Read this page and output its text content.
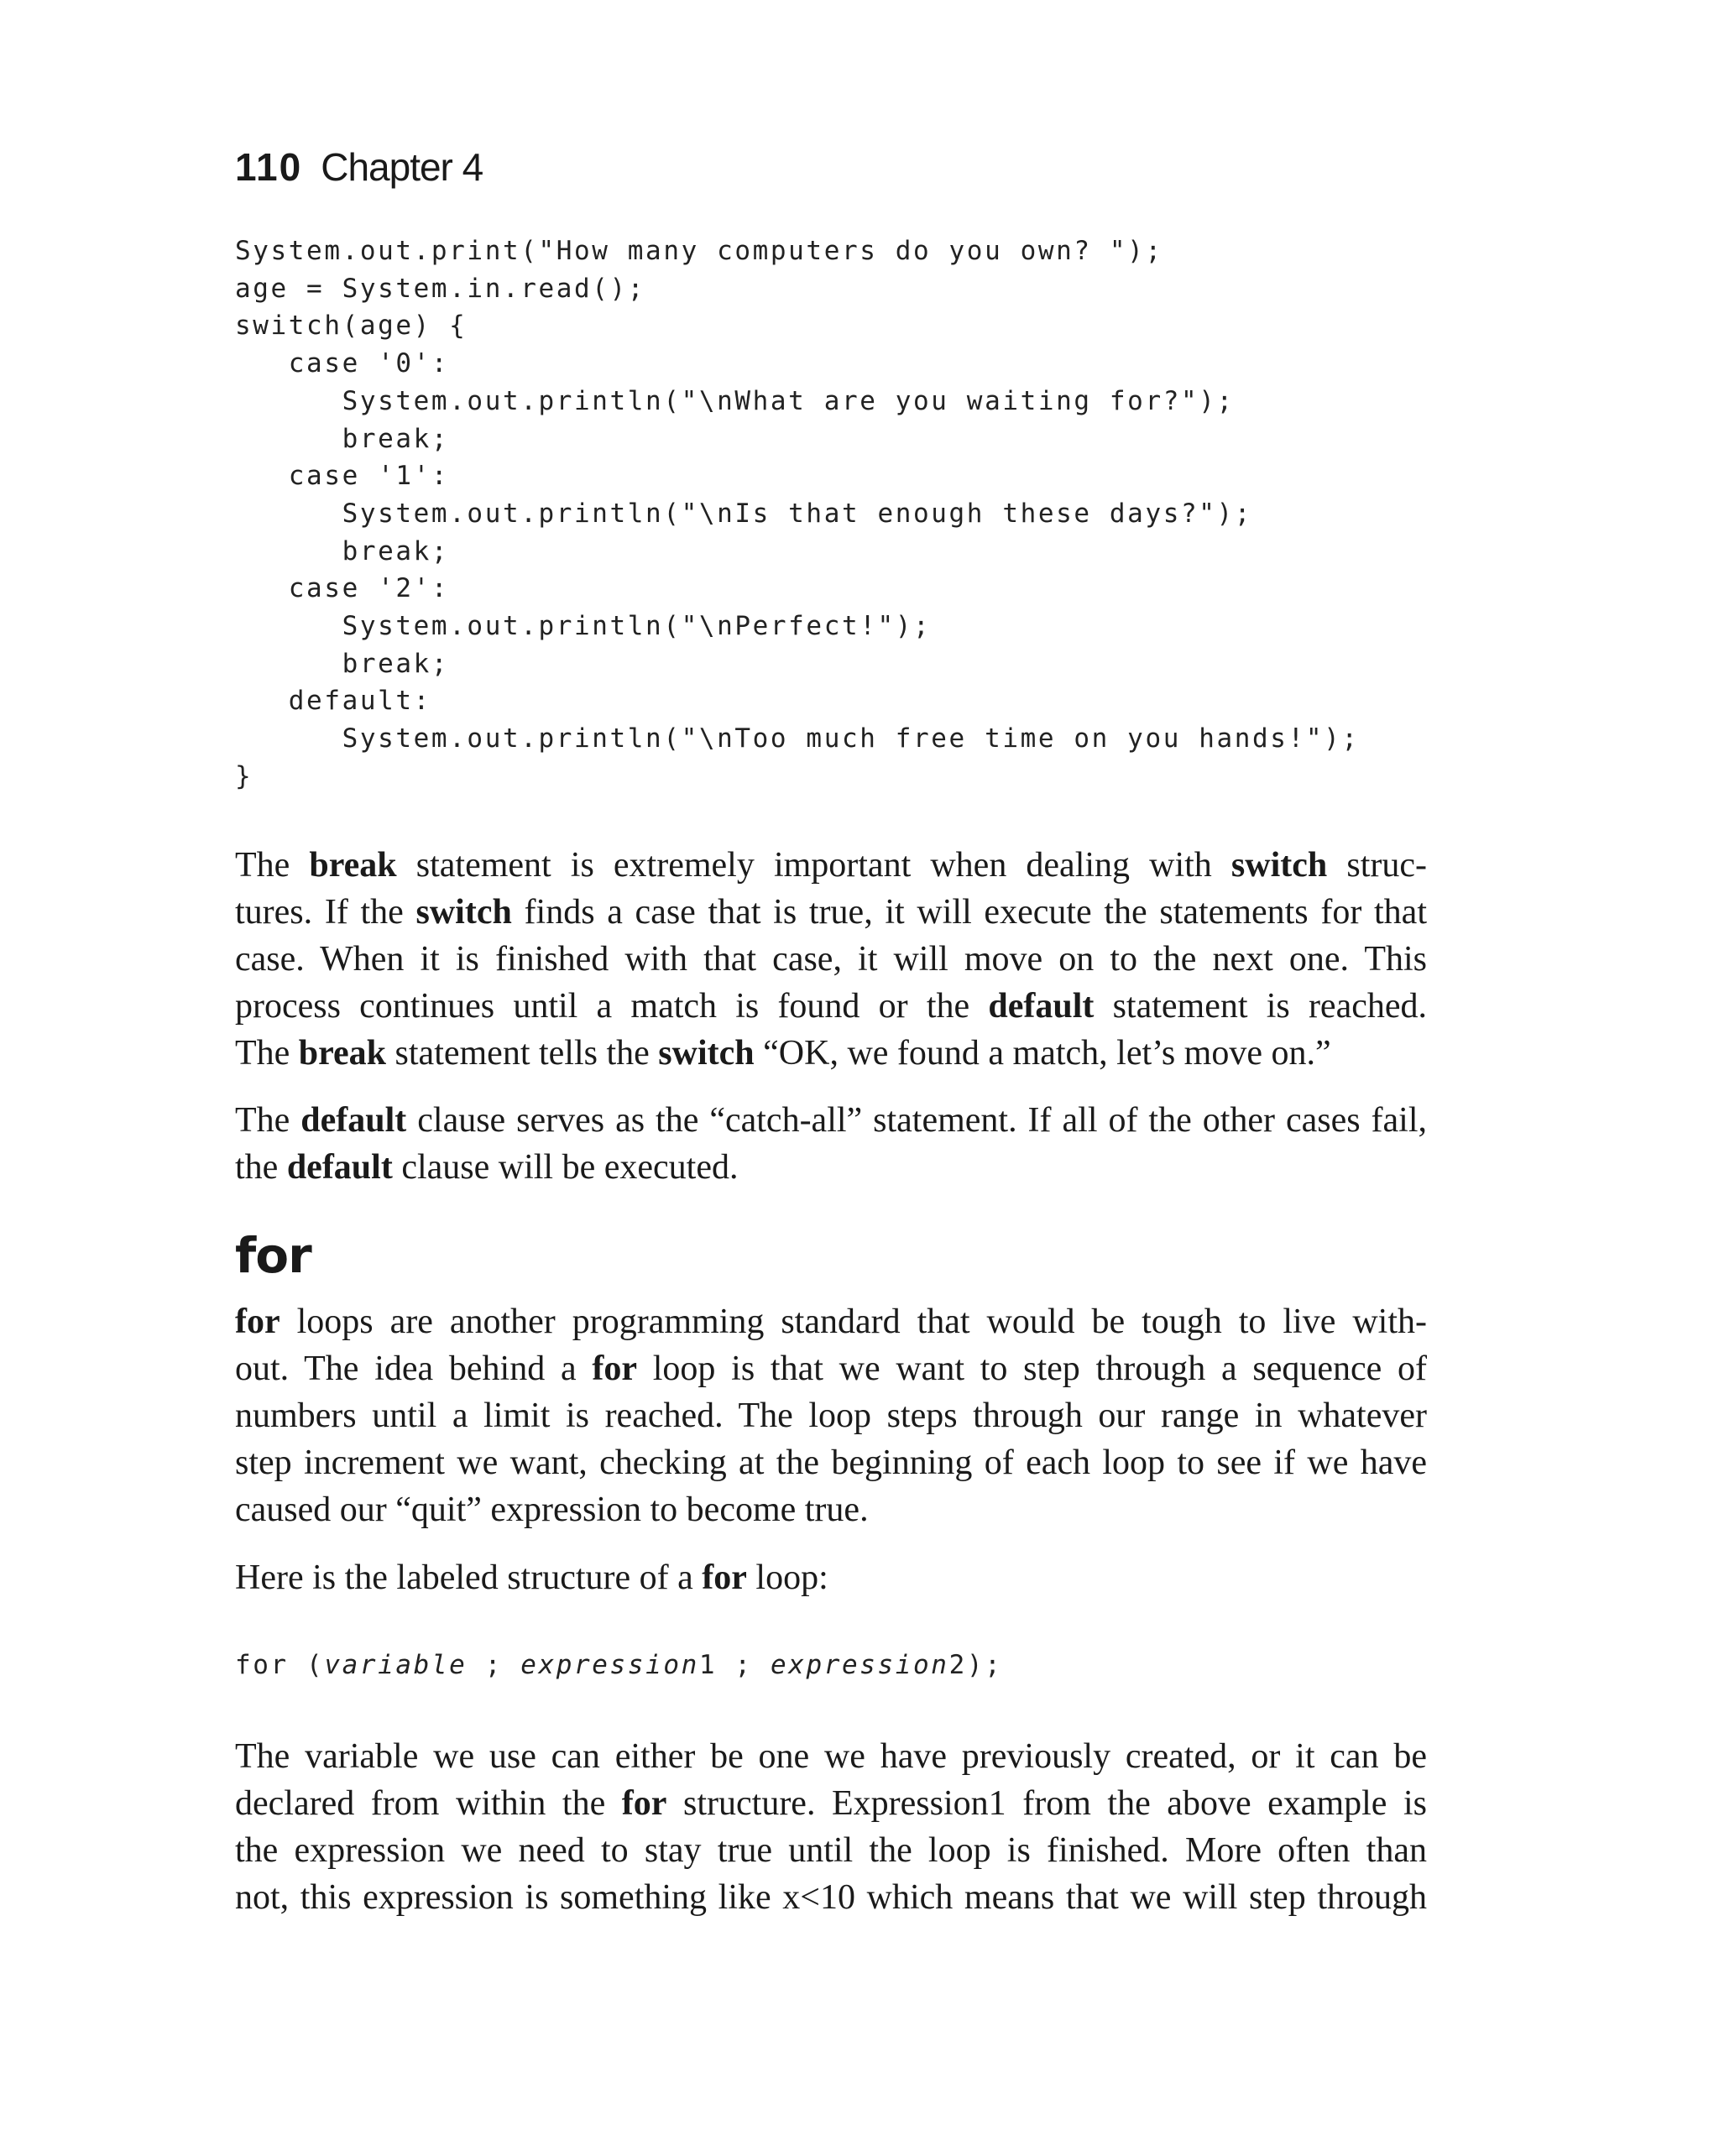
110 Chapter 4
System.out.print("How many computers do you own? ");
age = System.in.read();
switch(age) {
case '0':
System.out.println("\nWhat are you waiting for?");
break;
case '1':
System.out.println("\nIs that enough these days?");
break;
case '2':
System.out.println("\nPerfect!");
break;
default:
System.out.println("\nToo much free time on you hands!");
}

The break statement is extremely important when dealing with switch struc-
tures. If the switch finds a case that is true, it will execute the statements for that
case. When it is finished with that case, it will move on to the next one. This
process continues until a match is found or the default statement is reached.
The break statement tells the switch “OK, we found a match, let’s move on.”

The default clause serves as the “catch-all” statement. If all of the other cases fail,
the default clause will be executed.

for

for loops are another programming standard that would be tough to live with-
out. The idea behind a for loop is that we want to step through a sequence of
numbers until a limit is reached. The loop steps through our range in whatever
step increment we want, checking at the beginning of each loop to see if we have
caused our “quit” expression to become true.

Here is the labeled structure of a for loop:

for (variable ; expression1 ; expression2);

The variable we use can either be one we have previously created, or it can be
declared from within the for structure. Expression1 from the above example is
the expression we need to stay true until the loop is finished. More often than
not, this expression is something like x<10 which means that we will step through
